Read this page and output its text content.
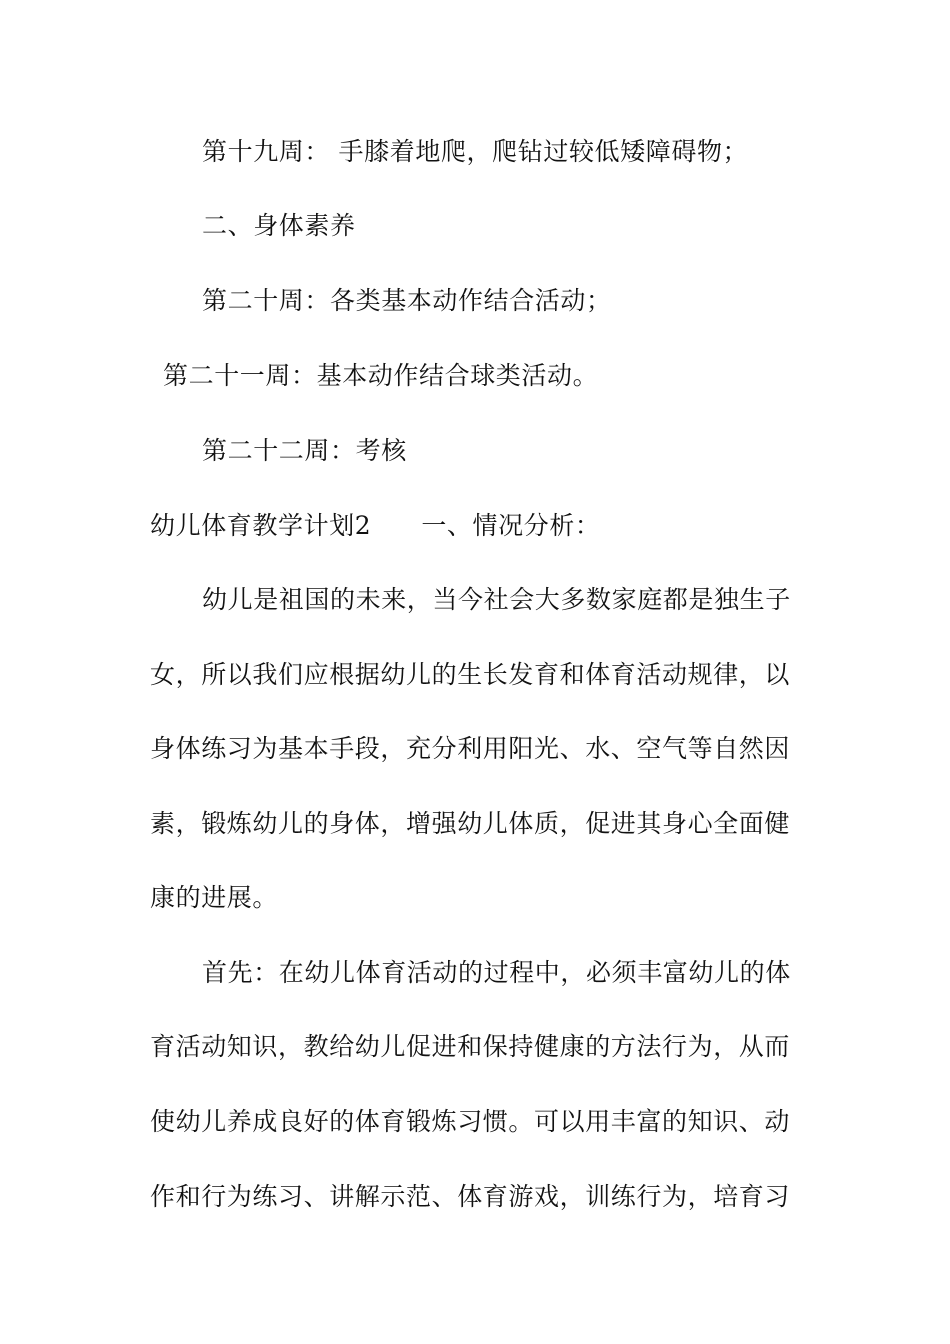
第十九周： 手膝着地爬，爬钻过较低矮障碍物；
二、身体素养
第二十周：各类基本动作结合活动；
第二十一周：基本动作结合球类活动。
第二十二周：考核
幼儿体育教学计划2 一、情况分析：
幼儿是祖国的未来，当今社会大多数家庭都是独生子
女，所以我们应根据幼儿的生长发育和体育活动规律，以
身体练习为基本手段，充分利用阳光、水、空气等自然因
素，锻炼幼儿的身体，增强幼儿体质，促进其身心全面健
康的进展。
首先：在幼儿体育活动的过程中，必须丰富幼儿的体
育活动知识，教给幼儿促进和保持健康的方法行为，从而
使幼儿养成良好的体育锻炼习惯。可以用丰富的知识、动
作和行为练习、讲解示范、体育游戏，训练行为，培育习
